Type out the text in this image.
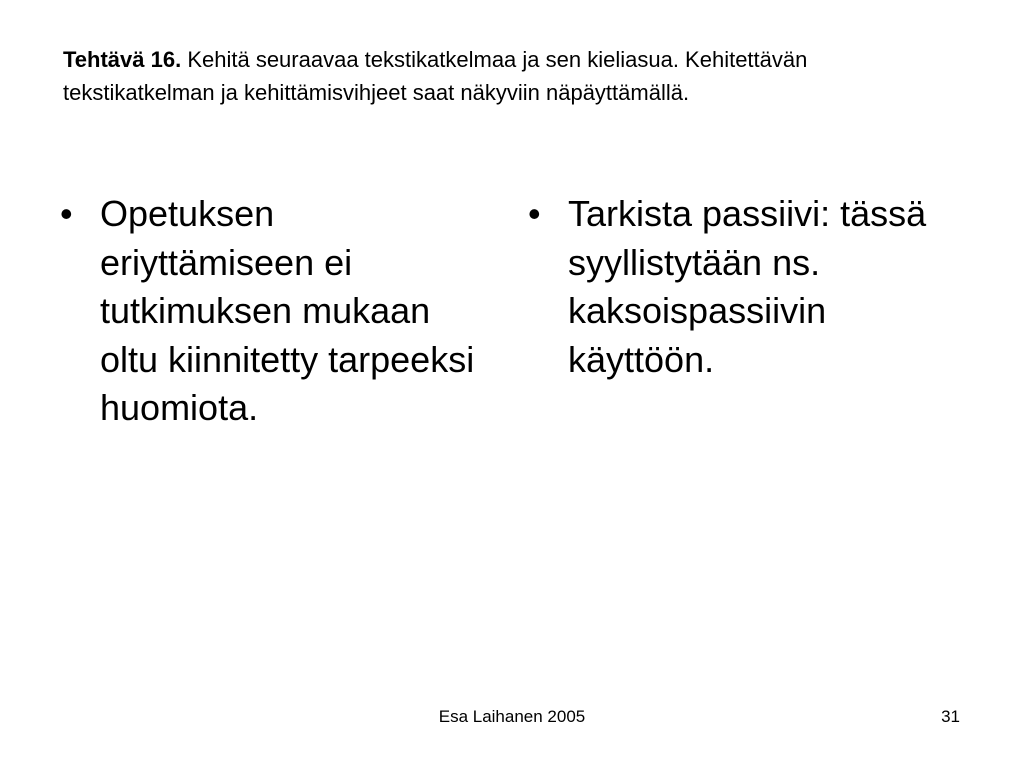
Tehtävä 16. Kehitä seuraavaa tekstikatkelmaa ja sen kieliasua. Kehitettävän tekstikatkelman ja kehittämisvihjeet saat näkyviin näpäyttämällä.
• Opetuksen eriyttämiseen ei tutkimuksen mukaan oltu kiinnitetty tarpeeksi huomiota.
• Tarkista passiivi: tässä syyllistytään ns. kaksoispassiivin käyttöön.
Esa Laihanen 2005	31
